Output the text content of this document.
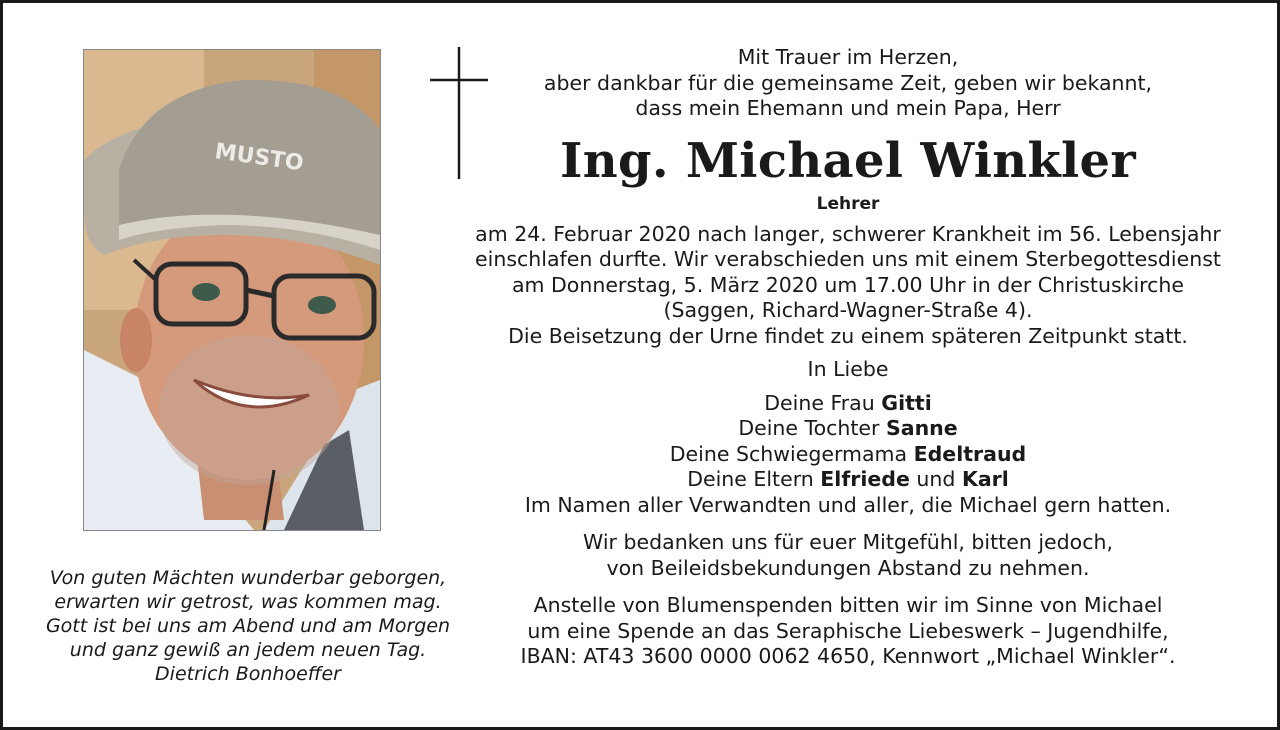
MUSTO
Von guten Mächten wunderbar geborgen,
erwarten wir getrost, was kommen mag.
Gott ist bei uns am Abend und am Morgen
und ganz gewiß an jedem neuen Tag.
Dietrich Bonhoeffer
Mit Trauer im Herzen,
aber dankbar für die gemeinsame Zeit, geben wir bekannt,
dass mein Ehemann und mein Papa, Herr
Ing. Michael Winkler
Lehrer
am 24. Februar 2020 nach langer, schwerer Krankheit im 56. Lebensjahr
einschlafen durfte. Wir verabschieden uns mit einem Sterbegottesdienst
am Donnerstag, 5. März 2020 um 17.00 Uhr in der Christuskirche
(Saggen, Richard-Wagner-Straße 4).
Die Beisetzung der Urne findet zu einem späteren Zeitpunkt statt.
In Liebe
Deine Frau Gitti
Deine Tochter Sanne
Deine Schwiegermama Edeltraud
Deine Eltern Elfriede und Karl
Im Namen aller Verwandten und aller, die Michael gern hatten.
Wir bedanken uns für euer Mitgefühl, bitten jedoch,
von Beileidsbekundungen Abstand zu nehmen.
Anstelle von Blumenspenden bitten wir im Sinne von Michael
um eine Spende an das Seraphische Liebeswerk – Jugendhilfe,
IBAN: AT43 3600 0000 0062 4650, Kennwort „Michael Winkler“.
